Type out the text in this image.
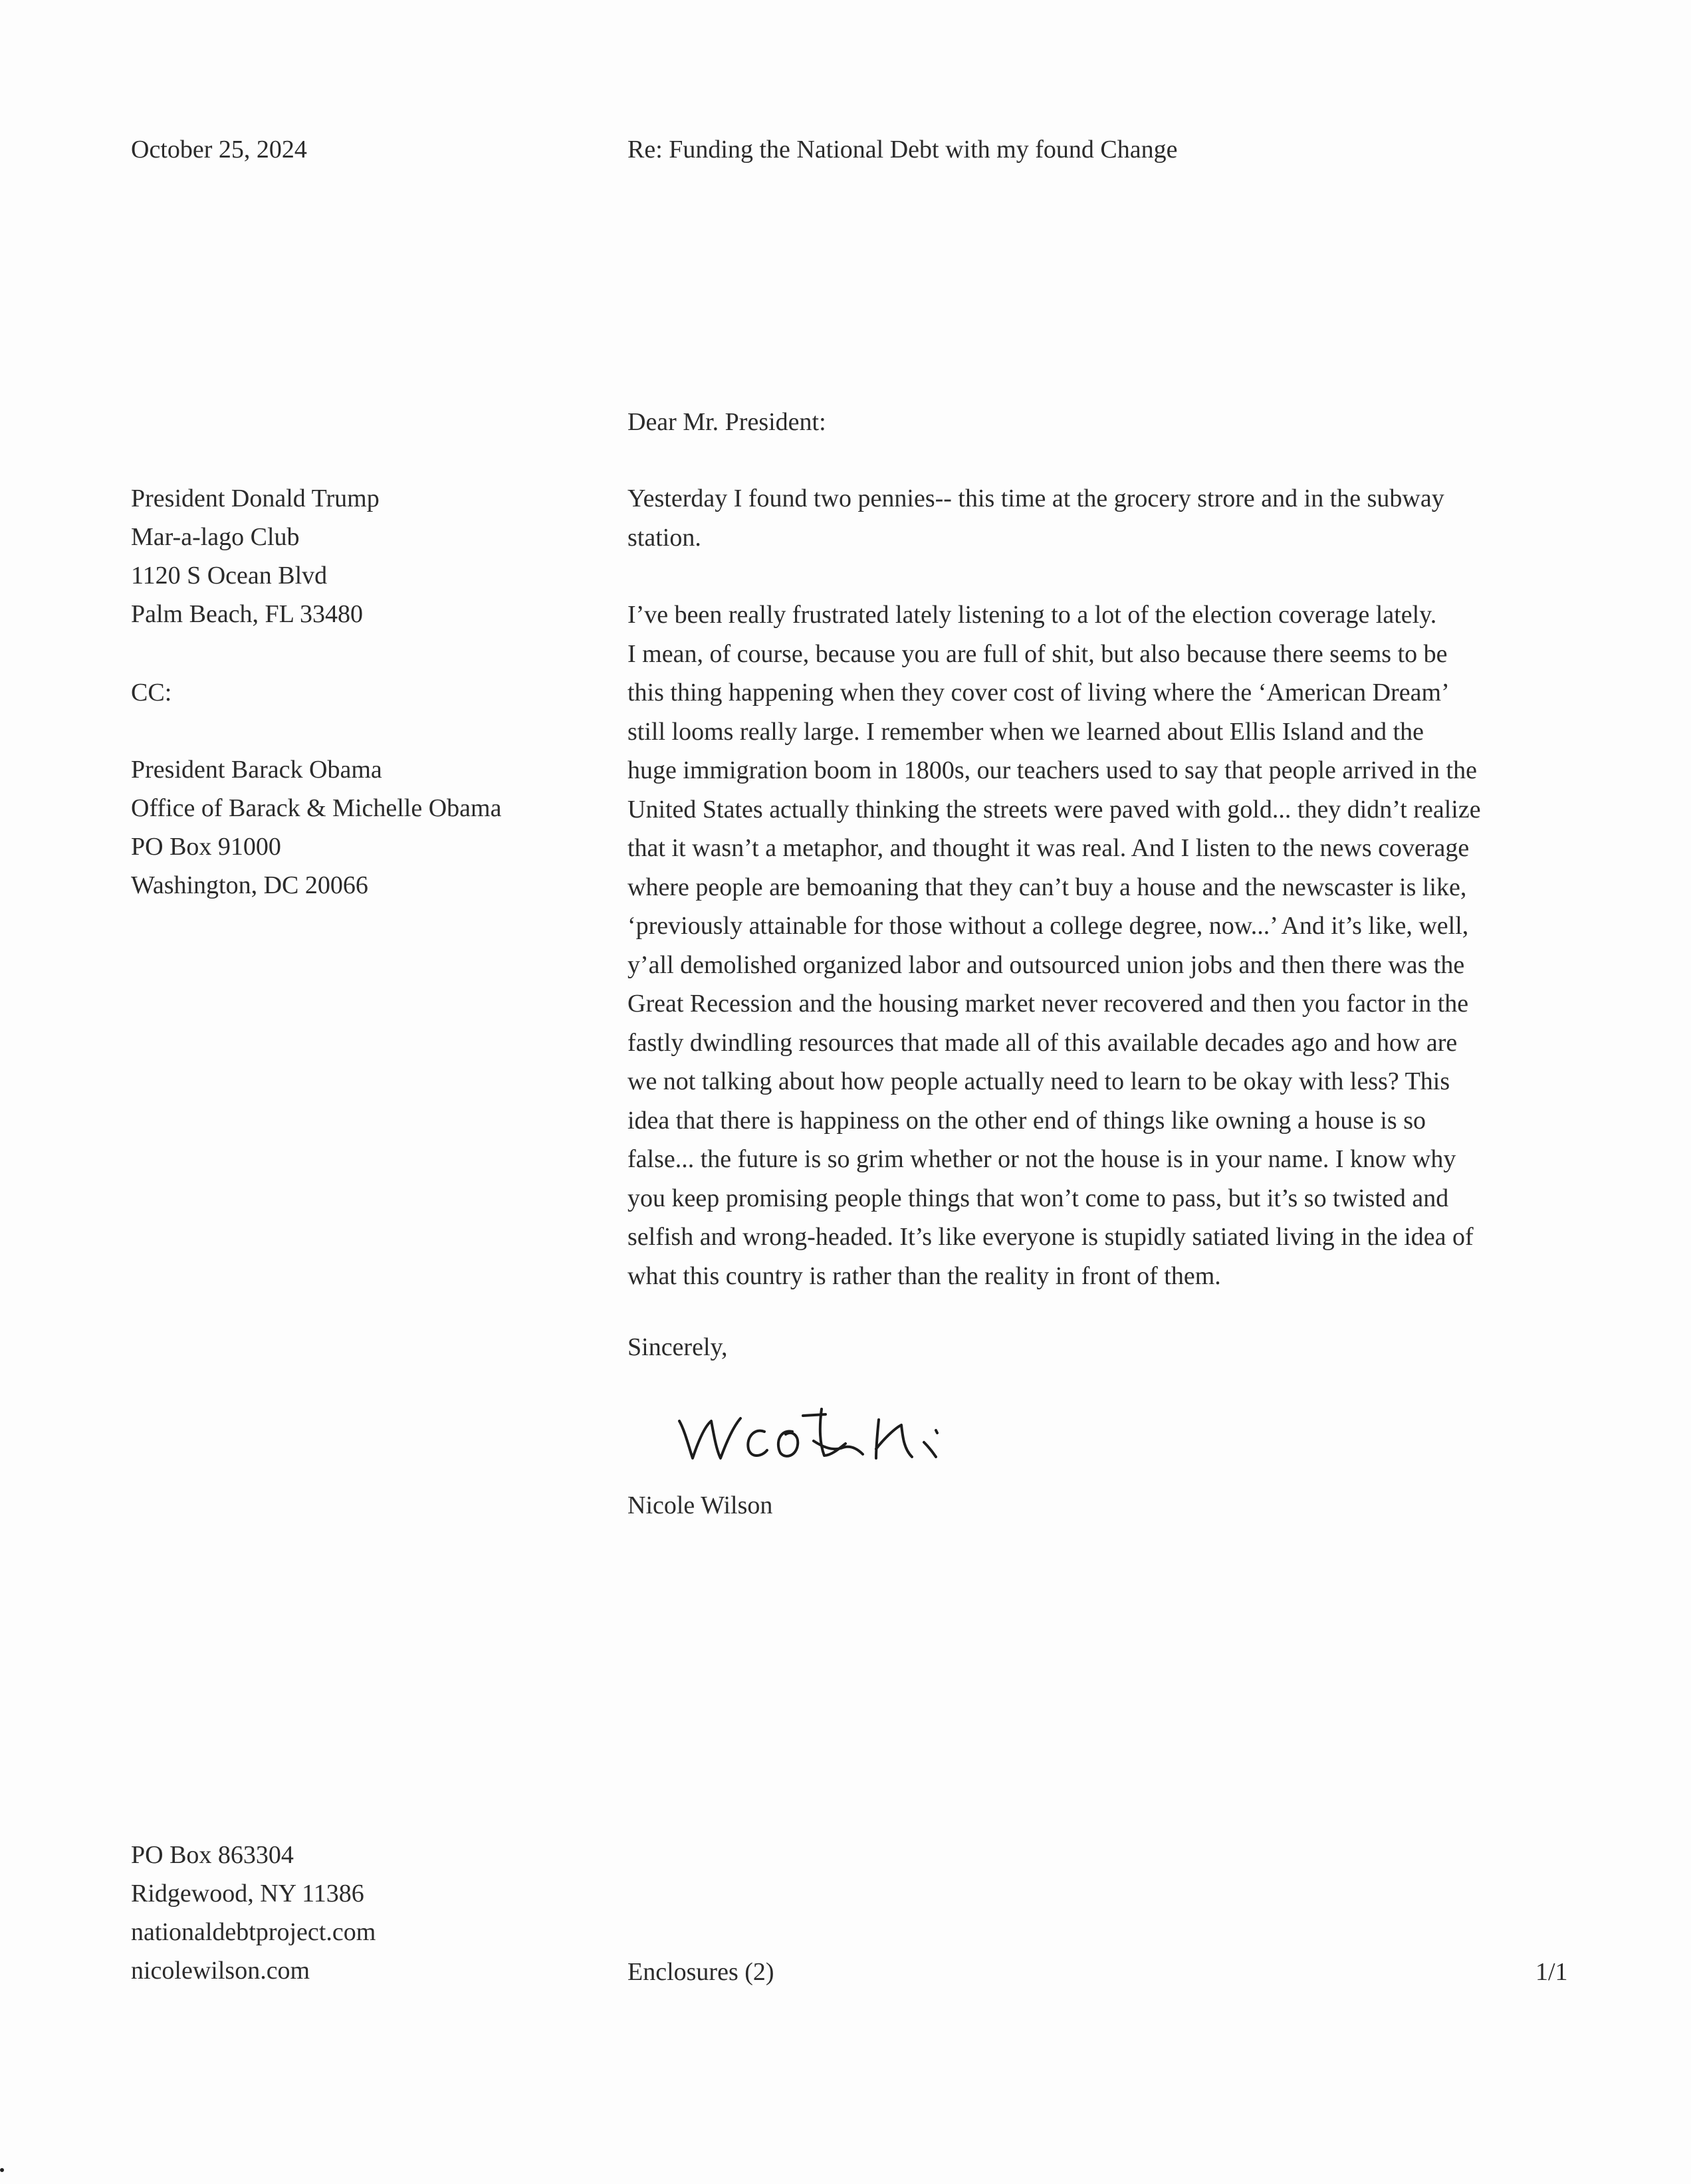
October 25, 2024	Re: Funding the National Debt with my found Change
Dear Mr. President:
President Donald Trump
Mar-a-lago Club
1120 S Ocean Blvd
Palm Beach, FL 33480
CC:
President Barack Obama
Office of Barack & Michelle Obama
PO Box 91000
Washington, DC 20066
Yesterday I found two pennies-- this time at the grocery strore and in the subway
station.
I’ve been really frustrated lately listening to a lot of the election coverage lately.
I mean, of course, because you are full of shit, but also because there seems to be
this thing happening when they cover cost of living where the ‘American Dream’
still looms really large. I remember when we learned about Ellis Island and the
huge immigration boom in 1800s, our teachers used to say that people arrived in the
United States actually thinking the streets were paved with gold... they didn’t realize
that it wasn’t a metaphor, and thought it was real. And I listen to the news coverage
where people are bemoaning that they can’t buy a house and the newscaster is like,
‘previously attainable for those without a college degree, now...’ And it’s like, well,
y’all demolished organized labor and outsourced union jobs and then there was the
Great Recession and the housing market never recovered and then you factor in the
fastly dwindling resources that made all of this available decades ago and how are
we not talking about how people actually need to learn to be okay with less? This
idea that there is happiness on the other end of things like owning a house is so
false... the future is so grim whether or not the house is in your name. I know why
you keep promising people things that won’t come to pass, but it’s so twisted and
selfish and wrong-headed. It’s like everyone is stupidly satiated living in the idea of
what this country is rather than the reality in front of them.
Sincerely,
Nicole Wilson
PO Box 863304
Ridgewood, NY 11386
nationaldebtproject.com
nicolewilson.com	Enclosures (2)	1/1
